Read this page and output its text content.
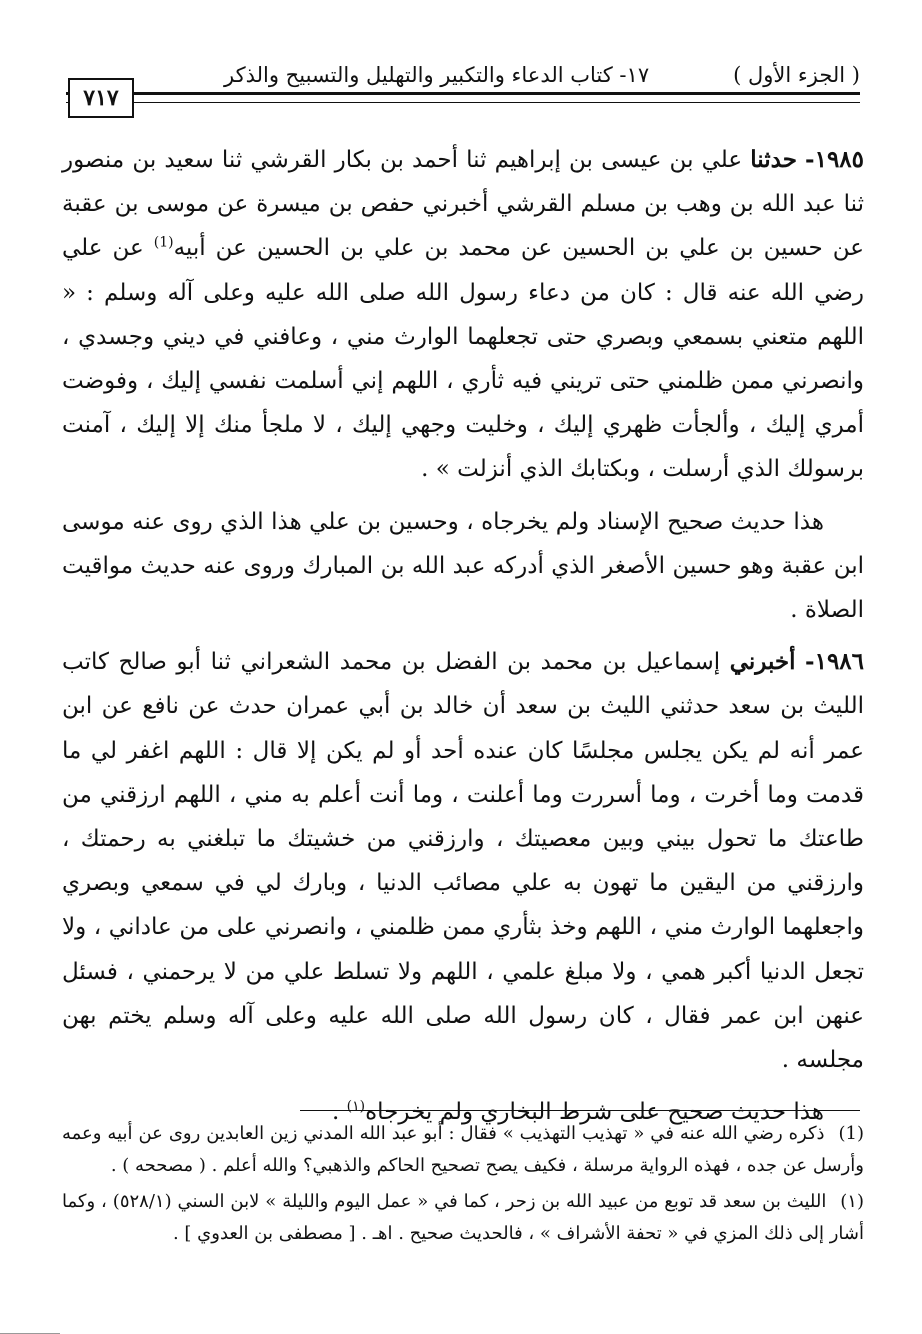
( الجزء الأول )
١٧- كتاب الدعاء والتكبير والتهليل والتسبيح والذكر
٧١٧

١٩٨٥- حدثنا علي بن عيسى بن إبراهيم ثنا أحمد بن بكار القرشي ثنا سعيد بن منصور ثنا عبد الله بن وهب بن مسلم القرشي أخبرني حفص بن ميسرة عن موسى بن عقبة عن حسين بن علي بن الحسين عن محمد بن علي بن الحسين عن أبيه$^{(1)}$ عن علي رضي الله عنه قال : كان من دعاء رسول الله صلى الله عليه وعلى آله وسلم : « اللهم متعني بسمعي وبصري حتى تجعلهما الوارث مني ، وعافني في ديني وجسدي ، وانصرني ممن ظلمني حتى تريني فيه ثأري ، اللهم إني أسلمت نفسي إليك ، وفوضت أمري إليك ، وألجأت ظهري إليك ، وخليت وجهي إليك ، لا ملجأ منك إلا إليك ، آمنت برسولك الذي أرسلت ، وبكتابك الذي أنزلت » .

هذا حديث صحيح الإسناد ولم يخرجاه ، وحسين بن علي هذا الذي روى عنه موسى ابن عقبة وهو حسين الأصغر الذي أدركه عبد الله بن المبارك وروى عنه حديث مواقيت الصلاة .

١٩٨٦- أخبرني إسماعيل بن محمد بن الفضل بن محمد الشعراني ثنا أبو صالح كاتب الليث بن سعد حدثني الليث بن سعد أن خالد بن أبي عمران حدث عن نافع عن ابن عمر أنه لم يكن يجلس مجلسًا كان عنده أحد أو لم يكن إلا قال : اللهم اغفر لي ما قدمت وما أخرت ، وما أسررت وما أعلنت ، وما أنت أعلم به مني ، اللهم ارزقني من طاعتك ما تحول بيني وبين معصيتك ، وارزقني من خشيتك ما تبلغني به رحمتك ، وارزقني من اليقين ما تهون به علي مصائب الدنيا ، وبارك لي في سمعي وبصري واجعلهما الوارث مني ، اللهم وخذ بثأري ممن ظلمني ، وانصرني على من عاداني ، ولا تجعل الدنيا أكبر همي ، ولا مبلغ علمي ، اللهم ولا تسلط علي من لا يرحمني ، فسئل عنهن ابن عمر فقال ، كان رسول الله صلى الله عليه وعلى آله وسلم يختم بهن مجلسه .

هذا حديث صحيح على شرط البخاري ولم يخرجاه$^{(١)}$ .

(1) ذكره رضي الله عنه في « تهذيب التهذيب » فقال : أبو عبد الله المدني زين العابدين روى عن أبيه وعمه وأرسل عن جده ، فهذه الرواية مرسلة ، فكيف يصح تصحيح الحاكم والذهبي؟ والله أعلم . ( مصححه ) .

(١) الليث بن سعد قد توبع من عبيد الله بن زحر ، كما في « عمل اليوم والليلة » لابن السني (٥٢٨/١) ، وكما أشار إلى ذلك المزي في « تحفة الأشراف » ، فالحديث صحيح . اهـ . [ مصطفى بن العدوي ] .
